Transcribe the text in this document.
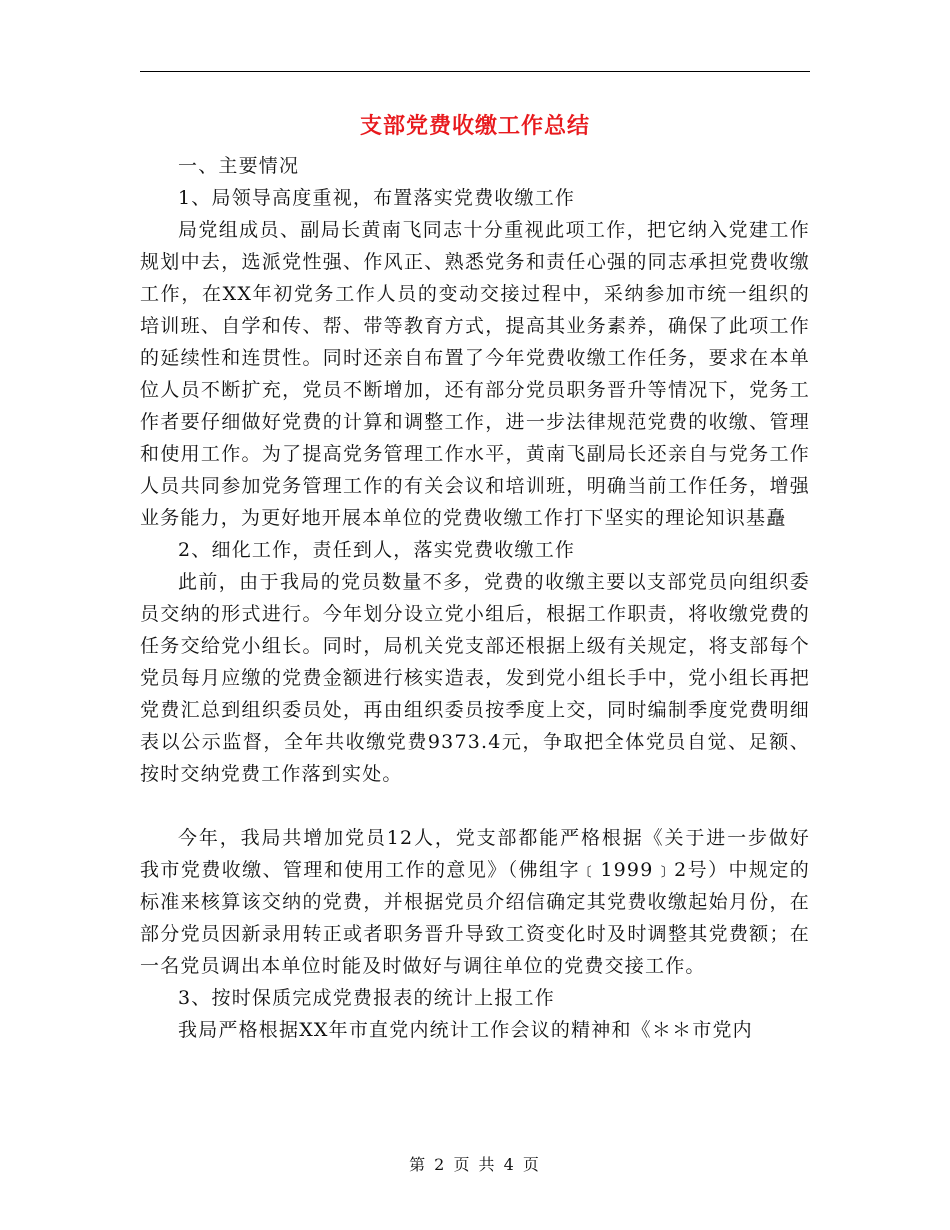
支部党费收缴工作总结

一、主要情况

1、局领导高度重视，布置落实党费收缴工作

局党组成员、副局长黄南飞同志十分重视此项工作，把它纳入党建工作规划中去，选派党性强、作风正、熟悉党务和责任心强的同志承担党费收缴工作，在XX年初党务工作人员的变动交接过程中，采纳参加市统一组织的培训班、自学和传、帮、带等教育方式，提高其业务素养，确保了此项工作的延续性和连贯性。同时还亲自布置了今年党费收缴工作任务，要求在本单位人员不断扩充，党员不断增加，还有部分党员职务晋升等情况下，党务工作者要仔细做好党费的计算和调整工作，进一步法律规范党费的收缴、管理和使用工作。为了提高党务管理工作水平，黄南飞副局长还亲自与党务工作人员共同参加党务管理工作的有关会议和培训班，明确当前工作任务，增强业务能力，为更好地开展本单位的党费收缴工作打下坚实的理论知识基矗

2、细化工作，责任到人，落实党费收缴工作

此前，由于我局的党员数量不多，党费的收缴主要以支部党员向组织委员交纳的形式进行。今年划分设立党小组后，根据工作职责，将收缴党费的任务交给党小组长。同时，局机关党支部还根据上级有关规定，将支部每个党员每月应缴的党费金额进行核实造表，发到党小组长手中，党小组长再把党费汇总到组织委员处，再由组织委员按季度上交，同时编制季度党费明细表以公示监督，全年共收缴党费9373.4元，争取把全体党员自觉、足额、按时交纳党费工作落到实处。

今年，我局共增加党员12人，党支部都能严格根据《关于进一步做好我市党费收缴、管理和使用工作的意见》（佛组字﹝1999﹞2号）中规定的标准来核算该交纳的党费，并根据党员介绍信确定其党费收缴起始月份，在部分党员因新录用转正或者职务晋升导致工资变化时及时调整其党费额；在一名党员调出本单位时能及时做好与调往单位的党费交接工作。

3、按时保质完成党费报表的统计上报工作

我局严格根据XX年市直党内统计工作会议的精神和《＊＊市党内

第 2 页 共 4 页
